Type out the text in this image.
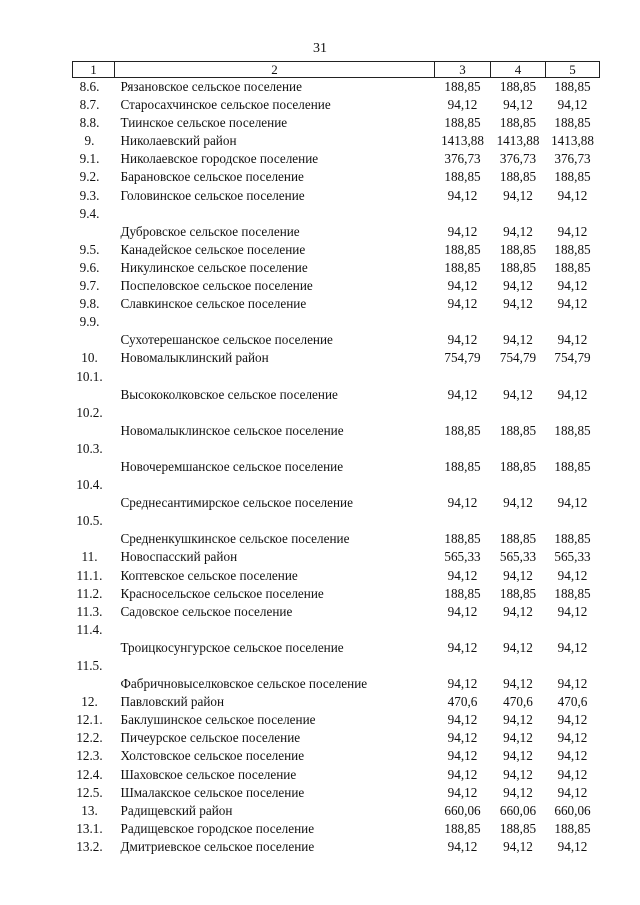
31
1	2	3	4	5
8.6.	Рязановское сельское поселение	188,85	188,85	188,85
8.7.	Старосахчинское сельское поселение	94,12	94,12	94,12
8.8.	Тиинское сельское поселение	188,85	188,85	188,85
9.	Николаевский район	1413,88	1413,88	1413,88
9.1.	Николаевское городское поселение	376,73	376,73	376,73
9.2.	Барановское сельское поселение	188,85	188,85	188,85
9.3.	Головинское сельское поселение	94,12	94,12	94,12
9.4.	Дубровское сельское поселение	94,12	94,12	94,12
9.5.	Канадейское сельское поселение	188,85	188,85	188,85
9.6.	Никулинское сельское поселение	188,85	188,85	188,85
9.7.	Поспеловское сельское поселение	94,12	94,12	94,12
9.8.	Славкинское сельское поселение	94,12	94,12	94,12
9.9.	Сухотерешанское сельское поселение	94,12	94,12	94,12
10.	Новомалыклинский район	754,79	754,79	754,79
10.1.	Высококолковское сельское поселение	94,12	94,12	94,12
10.2.	Новомалыклинское сельское поселение	188,85	188,85	188,85
10.3.	Новочеремшанское сельское поселение	188,85	188,85	188,85
10.4.	Среднесантимирское сельское поселение	94,12	94,12	94,12
10.5.	Средненкушкинское сельское поселение	188,85	188,85	188,85
11.	Новоспасский район	565,33	565,33	565,33
11.1.	Коптевское сельское поселение	94,12	94,12	94,12
11.2.	Красносельское сельское поселение	188,85	188,85	188,85
11.3.	Садовское сельское поселение	94,12	94,12	94,12
11.4.	Троицкосунгурское сельское поселение	94,12	94,12	94,12
11.5.	Фабричновыселковское сельское поселение	94,12	94,12	94,12
12.	Павловский район	470,6	470,6	470,6
12.1.	Баклушинское сельское поселение	94,12	94,12	94,12
12.2.	Пичеурское сельское поселение	94,12	94,12	94,12
12.3.	Холстовское сельское поселение	94,12	94,12	94,12
12.4.	Шаховское сельское поселение	94,12	94,12	94,12
12.5.	Шмалакское сельское поселение	94,12	94,12	94,12
13.	Радищевский район	660,06	660,06	660,06
13.1.	Радищевское городское поселение	188,85	188,85	188,85
13.2.	Дмитриевское сельское поселение	94,12	94,12	94,12
